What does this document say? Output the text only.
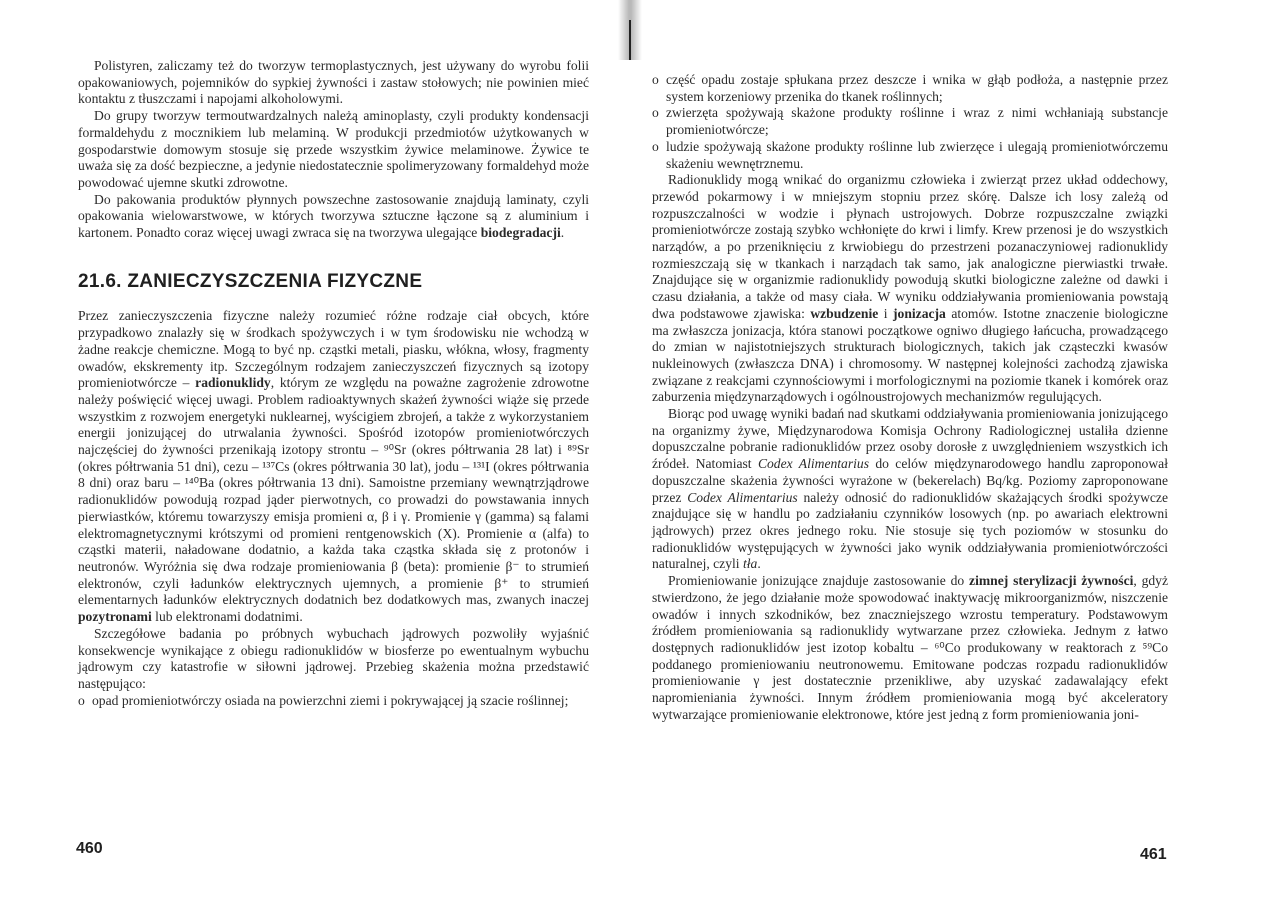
Polistyren, zaliczamy też do tworzyw termoplastycznych, jest używany do wyrobu folii opakowaniowych, pojemników do sypkiej żywności i zastaw stołowych; nie powinien mieć kontaktu z tłuszczami i napojami alkoholowymi.

Do grupy tworzyw termoutwardzalnych należą aminoplasty, czyli produkty kondensacji formaldehydu z mocznikiem lub melaminą. W produkcji przedmiotów użytkowanych w gospodarstwie domowym stosuje się przede wszystkim żywice melaminowe. Żywice te uważa się za dość bezpieczne, a jedynie niedostatecznie spolimeryzowany formaldehyd może powodować ujemne skutki zdrowotne.

Do pakowania produktów płynnych powszechne zastosowanie znajdują laminaty, czyli opakowania wielowarstwowe, w których tworzywa sztuczne łączone są z aluminium i kartonem. Ponadto coraz więcej uwagi zwraca się na tworzywa ulegające biodegradacji.

21.6. ZANIECZYSZCZENIA FIZYCZNE

Przez zanieczyszczenia fizyczne należy rozumieć różne rodzaje ciał obcych, które przypadkowo znalazły się w środkach spożywczych i w tym środowisku nie wchodzą w żadne reakcje chemiczne. Mogą to być np. cząstki metali, piasku, włókna, włosy, fragmenty owadów, ekskrementy itp. Szczególnym rodzajem zanieczyszczeń fizycznych są izotopy promieniotwórcze – radionuklidy, którym ze względu na poważne zagrożenie zdrowotne należy poświęcić więcej uwagi. Problem radioaktywnych skażeń żywności wiąże się przede wszystkim z rozwojem energetyki nuklearnej, wyścigiem zbrojeń, a także z wykorzystaniem energii jonizującej do utrwalania żywności. Spośród izotopów promieniotwórczych najczęściej do żywności przenikają izotopy strontu – ⁹⁰Sr (okres półtrwania 28 lat) i ⁸⁹Sr (okres półtrwania 51 dni), cezu – ¹³⁷Cs (okres półtrwania 30 lat), jodu – ¹³¹I (okres półtrwania 8 dni) oraz baru – ¹⁴⁰Ba (okres półtrwania 13 dni). Samoistne przemiany wewnątrzjądrowe radionuklidów powodują rozpad jąder pierwotnych, co prowadzi do powstawania innych pierwiastków, któremu towarzyszy emisja promieni α, β i γ. Promienie γ (gamma) są falami elektromagnetycznymi krótszymi od promieni rentgenowskich (X). Promienie α (alfa) to cząstki materii, naładowane dodatnio, a każda taka cząstka składa się z protonów i neutronów. Wyróżnia się dwa rodzaje promieniowania β (beta): promienie β⁻ to strumień elektronów, czyli ładunków elektrycznych ujemnych, a promienie β⁺ to strumień elementarnych ładunków elektrycznych dodatnich bez dodatkowych mas, zwanych inaczej pozytronami lub elektronami dodatnimi.

Szczegółowe badania po próbnych wybuchach jądrowych pozwoliły wyjaśnić konsekwencje wynikające z obiegu radionuklidów w biosferze po ewentualnym wybuchu jądrowym czy katastrofie w siłowni jądrowej. Przebieg skażenia można przedstawić następująco:

o opad promieniotwórczy osiada na powierzchni ziemi i pokrywającej ją szacie roślinnej;
460
o część opadu zostaje spłukana przez deszcze i wnika w głąb podłoża, a następnie przez system korzeniowy przenika do tkanek roślinnych;
o zwierzęta spożywają skażone produkty roślinne i wraz z nimi wchłaniają substancje promieniotwórcze;
o ludzie spożywają skażone produkty roślinne lub zwierzęce i ulegają promieniotwórczemu skażeniu wewnętrznemu.

Radionuklidy mogą wnikać do organizmu człowieka i zwierząt przez układ oddechowy, przewód pokarmowy i w mniejszym stopniu przez skórę. Dalsze ich losy zależą od rozpuszczalności w wodzie i płynach ustrojowych. Dobrze rozpuszczalne związki promieniotwórcze zostają szybko wchłonięte do krwi i limfy. Krew przenosi je do wszystkich narządów, a po przeniknięciu z krwiobiegu do przestrzeni pozanaczyniowej radionuklidy rozmieszczają się w tkankach i narządach tak samo, jak analogiczne pierwiastki trwałe. Znajdujące się w organizmie radionuklidy powodują skutki biologiczne zależne od dawki i czasu działania, a także od masy ciała. W wyniku oddziaływania promieniowania powstają dwa podstawowe zjawiska: wzbudzenie i jonizacja atomów. Istotne znaczenie biologiczne ma zwłaszcza jonizacja, która stanowi początkowe ogniwo długiego łańcucha, prowadzącego do zmian w najistotniejszych strukturach biologicznych, takich jak cząsteczki kwasów nukleinowych (zwłaszcza DNA) i chromosomy. W następnej kolejności zachodzą zjawiska związane z reakcjami czynnościowymi i morfologicznymi na poziomie tkanek i komórek oraz zaburzenia międzynarządowych i ogólnoustrojowych mechanizmów regulujących.

Biorąc pod uwagę wyniki badań nad skutkami oddziaływania promieniowania jonizującego na organizmy żywe, Międzynarodowa Komisja Ochrony Radiologicznej ustaliła dzienne dopuszczalne pobranie radionuklidów przez osoby dorosłe z uwzględnieniem wszystkich ich źródeł. Natomiast Codex Alimentarius do celów międzynarodowego handlu zaproponował dopuszczalne skażenia żywności wyrażone w (bekerelach) Bq/kg. Poziomy zaproponowane przez Codex Alimentarius należy odnosić do radionuklidów skażających środki spożywcze znajdujące się w handlu po zadziałaniu czynników losowych (np. po awariach elektrowni jądrowych) przez okres jednego roku. Nie stosuje się tych poziomów w stosunku do radionuklidów występujących w żywności jako wynik oddziaływania promieniotwórczości naturalnej, czyli tła.

Promieniowanie jonizujące znajduje zastosowanie do zimnej sterylizacji żywności, gdyż stwierdzono, że jego działanie może spowodować inaktywację mikroorganizmów, niszczenie owadów i innych szkodników, bez znaczniejszego wzrostu temperatury. Podstawowym źródłem promieniowania są radionuklidy wytwarzane przez człowieka. Jednym z łatwo dostępnych radionuklidów jest izotop kobaltu – ⁶⁰Co produkowany w reaktorach z ⁵⁹Co poddanego promieniowaniu neutronowemu. Emitowane podczas rozpadu radionuklidów promieniowanie γ jest dostatecznie przenikliwe, aby uzyskać zadawalający efekt napromieniania żywności. Innym źródłem promieniowania mogą być akceleratory wytwarzające promieniowanie elektronowe, które jest jedną z form promieniowania joni-

461
